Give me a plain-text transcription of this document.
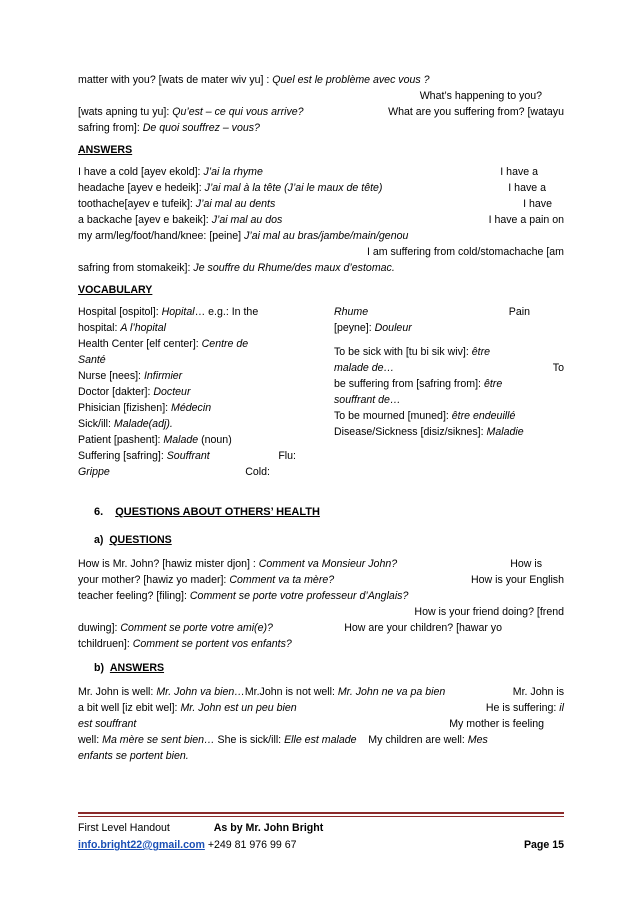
matter with you? [wats de mater wiv yu] : Quel est le problème avec vous ?

What’s happening to you?

[wats apning tu yu]: Qu’est – ce qui vous arrive?	What are you suffering from? [watayu

safring from]: De quoi souffrez – vous?

ANSWERS

I have a cold [ayev ekold]: J’ai la rhyme	I have a

headache [ayev e hedeik]: J’ai mal à la tête (J’ai le maux de tête)	I have a

toothache[ayev e tufeik]: J’ai mal au dents	I have

a backache [ayev e bakeik]: J’ai mal au dos	I have a pain on

my arm/leg/foot/hand/knee: [peine] J’ai mal au bras/jambe/main/genou

I am suffering from cold/stomachache [am

safring from stomakeik]: Je souffre du Rhume/des maux d’estomac.

VOCABULARY

Hospital [ospitol]: Hopital… e.g.: In the
hospital: A l’hopital
Health Center [elf center]: Centre de
Santé
Nurse [nees]: Infirmier
Doctor [dakter]: Docteur
Phisician [fizishen]: Médecin
Sick/ill: Malade(adj).
Patient [pashent]: Malade (noun)
Suffering [safring]: Souffrant	Flu:
Grippe	Cold:
Rhume	Pain
[peyne]: Douleur
To be sick with [tu bi sik wiv]: être
malade de…	To
be suffering from [safring from]: être
souffrant de…
To be mourned [muned]: être endeuillé
Disease/Sickness [disiz/siknes]: Maladie

6. QUESTIONS ABOUT OTHERS’ HEALTH

a) QUESTIONS

How is Mr. John? [hawiz mister djon] : Comment va Monsieur John?	How is

your mother? [hawiz yo mader]: Comment va ta mère?	How is your English

teacher feeling? [filing]: Comment se porte votre professeur d’Anglais?

How is your friend doing? [frend

duwing]: Comment se porte votre ami(e)?	How are your children? [hawar yo

tchildruen]: Comment se portent vos enfants?

b) ANSWERS

Mr. John is well: Mr. John va bien…Mr.John is not well: Mr. John ne va pa bien	Mr. John is

a bit well [iz ebit wel]: Mr. John est un peu bien	He is suffering: il

est souffrant	My mother is feeling

well: Ma mère se sent bien… She is sick/ill: Elle est malade My children are well: Mes

enfants se portent bien.

First Level Handout	As by Mr. John Bright
info.bright22@gmail.com +249 81 976 99 67	Page 15
